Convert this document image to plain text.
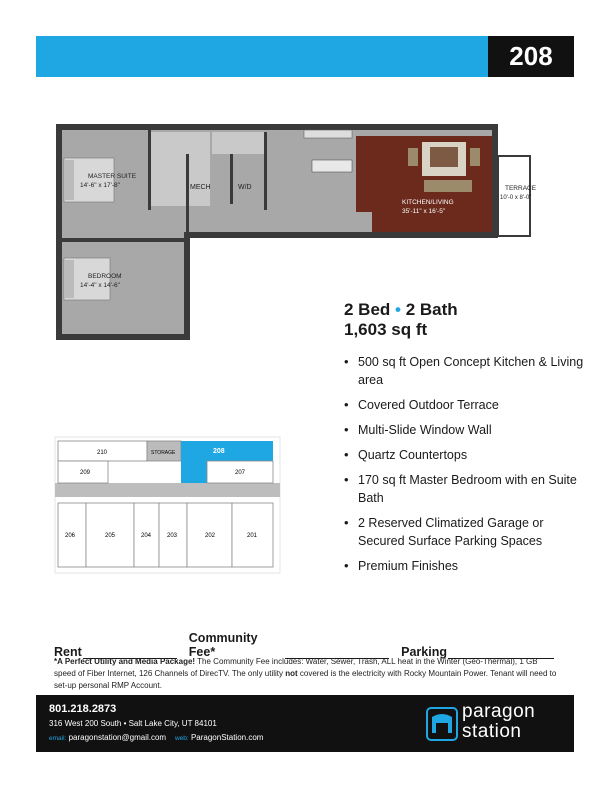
208
MASTER SUITE
14'-6" x 17'-8"
BEDROOM
14'-4" x 14'-6"
MECH	W/D
KITCHEN/LIVING
35'-11" x 16'-5"
TERRACE
10'-0 x 8'-0"
210	STORAGE	208
209	207
206	205	204	203	202	201
2 Bed • 2 Bath
1,603 sq ft
• 500 sq ft Open Concept Kitchen & Living area
• Covered Outdoor Terrace
• Multi-Slide Window Wall
• Quartz Countertops
• 170 sq ft Master Bedroom with en Suite Bath
• 2 Reserved Climatized Garage or Secured Surface Parking Spaces
• Premium Finishes
Rent
Community Fee*	Parking
*A Perfect Utility and Media Package! The Community Fee includes: Water, Sewer, Trash, ALL heat in the Winter (Geo-Thermal), 1 GB speed of Fiber Internet, 126 Channels of DirecTV. The only utility not covered is the electricity with Rocky Mountain Power. Tenant will need to set-up personal RMP Account.
801.218.2873
316 West 200 South • Salt Lake City, UT 84101
email: paragonstation@gmail.com web: ParagonStation.com
paragon
station
